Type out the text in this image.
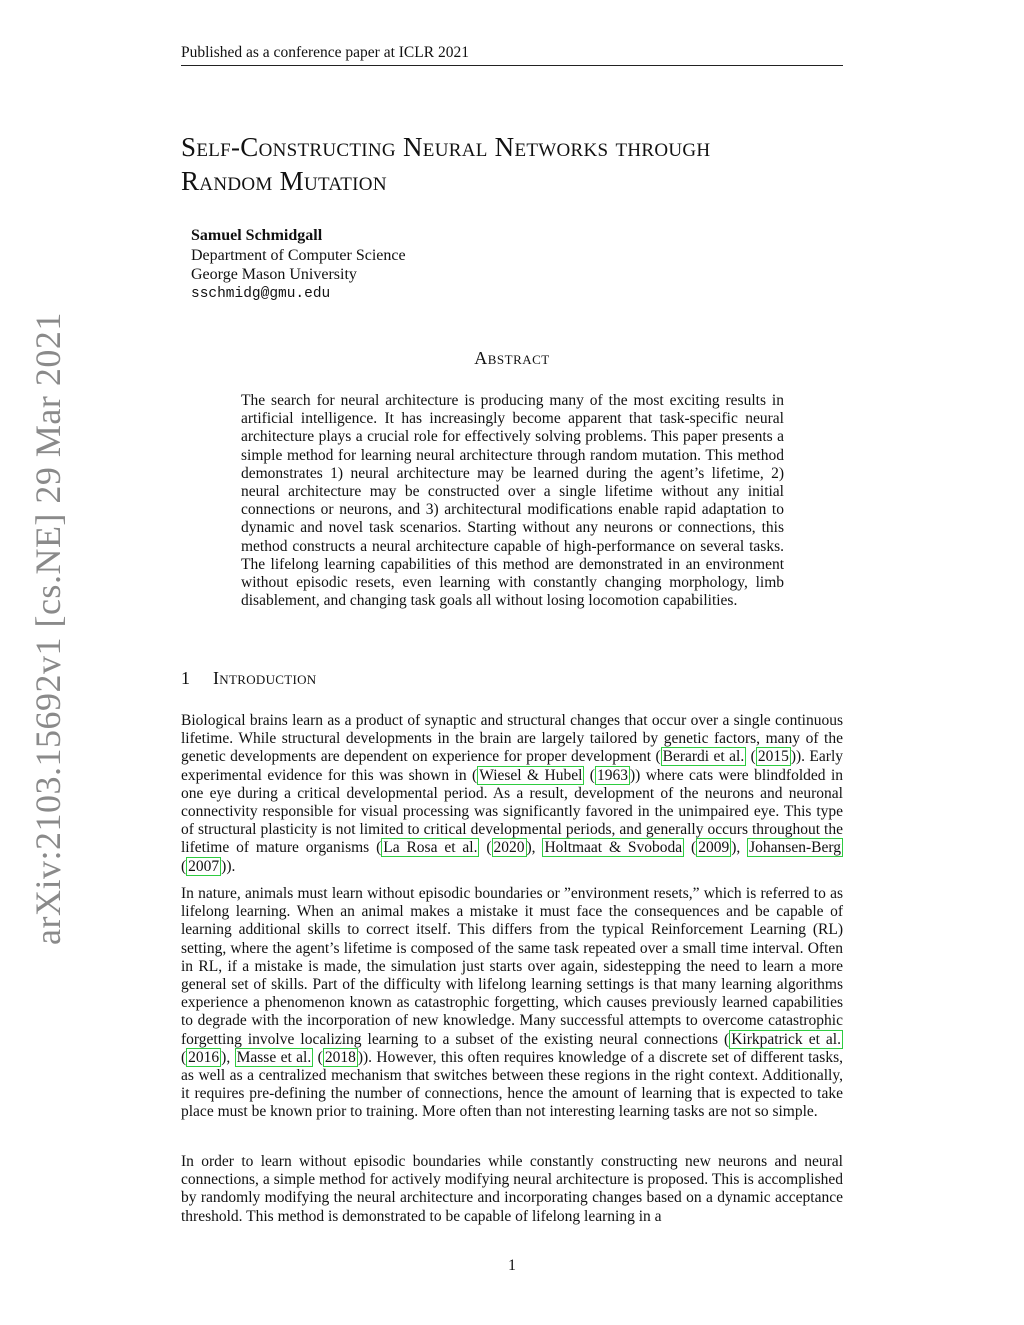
Published as a conference paper at ICLR 2021
arXiv:2103.15692v1 [cs.NE] 29 Mar 2021
Self-Constructing Neural Networks through
Random Mutation
Samuel Schmidgall
Department of Computer Science
George Mason University
sschmidg@gmu.edu
Abstract
The search for neural architecture is producing many of the most exciting results in artificial intelligence. It has increasingly become apparent that task-specific neural architecture plays a crucial role for effectively solving problems. This paper presents a simple method for learning neural architecture through random mutation. This method demonstrates 1) neural architecture may be learned during the agent’s lifetime, 2) neural architecture may be constructed over a single lifetime without any initial connections or neurons, and 3) architectural modifications enable rapid adaptation to dynamic and novel task scenarios. Starting without any neurons or connections, this method constructs a neural architecture capable of high-performance on several tasks. The lifelong learning capabilities of this method are demonstrated in an environment without episodic resets, even learning with constantly changing morphology, limb disablement, and changing task goals all without losing locomotion capabilities.
1 Introduction

Biological brains learn as a product of synaptic and structural changes that occur over a single continuous lifetime. While structural developments in the brain are largely tailored by genetic factors, many of the genetic developments are dependent on experience for proper development ( Berardi et al. ( 2015 )). Early experimental evidence for this was shown in ( Wiesel & Hubel ( 1963 )) where cats were blindfolded in one eye during a critical developmental period. As a result, development of the neurons and neuronal connectivity responsible for visual processing was significantly favored in the unimpaired eye. This type of structural plasticity is not limited to critical developmental periods, and generally occurs throughout the lifetime of mature organisms ( La Rosa et al. ( 2020 ), Holtmaat & Svoboda ( 2009 ), Johansen-Berg ( 2007 )).

In nature, animals must learn without episodic boundaries or ”environment resets,” which is referred to as lifelong learning. When an animal makes a mistake it must face the consequences and be capable of learning additional skills to correct itself. This differs from the typical Reinforcement Learning (RL) setting, where the agent’s lifetime is composed of the same task repeated over a small time interval. Often in RL, if a mistake is made, the simulation just starts over again, sidestepping the need to learn a more general set of skills. Part of the difficulty with lifelong learning settings is that many learning algorithms experience a phenomenon known as catastrophic forgetting, which causes previously learned capabilities to degrade with the incorporation of new knowledge. Many successful attempts to overcome catastrophic forgetting involve localizing learning to a subset of the existing neural connections ( Kirkpatrick et al. ( 2016 ), Masse et al. ( 2018 )). However, this often requires knowledge of a discrete set of different tasks, as well as a centralized mechanism that switches between these regions in the right context. Additionally, it requires pre-defining the number of connections, hence the amount of learning that is expected to take place must be known prior to training. More often than not interesting learning tasks are not so simple.

In order to learn without episodic boundaries while constantly constructing new neurons and neural connections, a simple method for actively modifying neural architecture is proposed. This is accomplished by randomly modifying the neural architecture and incorporating changes based on a dynamic acceptance threshold. This method is demonstrated to be capable of lifelong learning in a

1
